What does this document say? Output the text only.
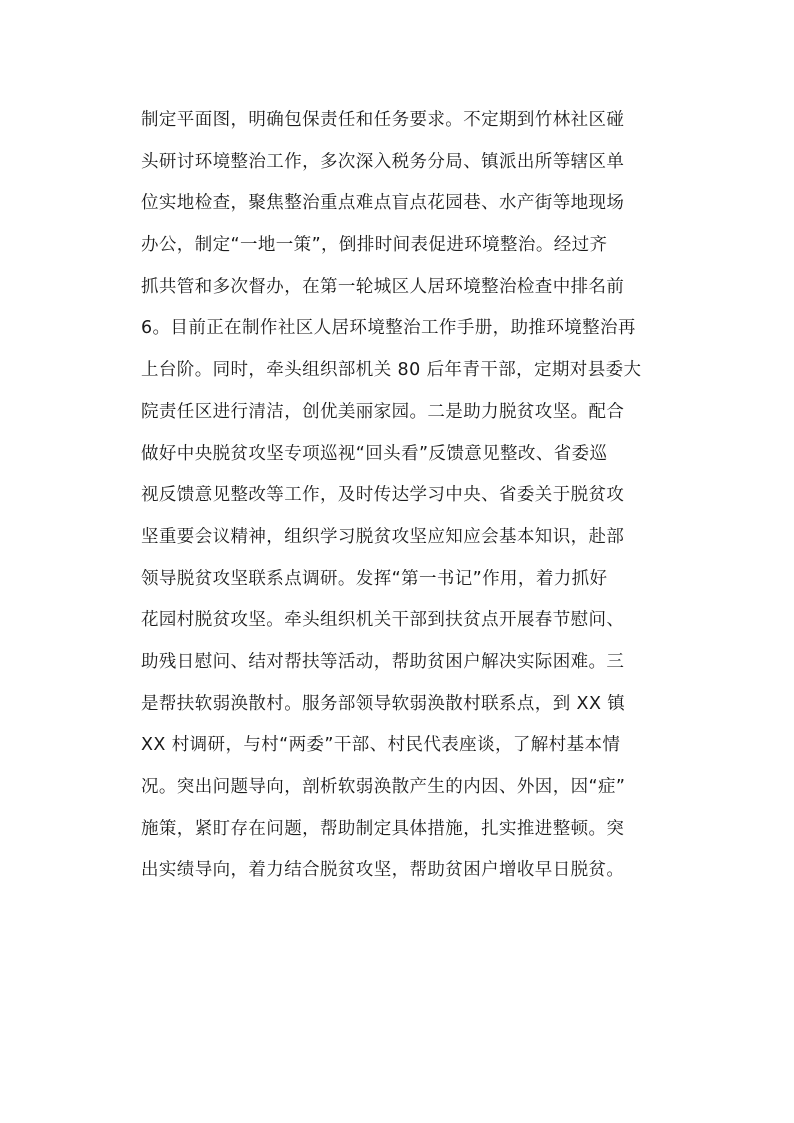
制定平面图，明确包保责任和任务要求。不定期到竹林社区碰
头研讨环境整治工作，多次深入税务分局、镇派出所等辖区单
位实地检查，聚焦整治重点难点盲点花园巷、水产街等地现场
办公，制定“一地一策”，倒排时间表促进环境整治。经过齐
抓共管和多次督办，在第一轮城区人居环境整治检查中排名前
6。目前正在制作社区人居环境整治工作手册，助推环境整治再
上台阶。同时，牵头组织部机关 80 后年青干部，定期对县委大
院责任区进行清洁，创优美丽家园。二是助力脱贫攻坚。配合
做好中央脱贫攻坚专项巡视“回头看”反馈意见整改、省委巡
视反馈意见整改等工作，及时传达学习中央、省委关于脱贫攻
坚重要会议精神，组织学习脱贫攻坚应知应会基本知识，赴部
领导脱贫攻坚联系点调研。发挥“第一书记”作用，着力抓好
花园村脱贫攻坚。牵头组织机关干部到扶贫点开展春节慰问、
助残日慰问、结对帮扶等活动，帮助贫困户解决实际困难。三
是帮扶软弱涣散村。服务部领导软弱涣散村联系点，到 XX 镇
XX 村调研，与村“两委”干部、村民代表座谈，了解村基本情
况。突出问题导向，剖析软弱涣散产生的内因、外因，因“症”
施策，紧盯存在问题，帮助制定具体措施，扎实推进整顿。突
出实绩导向，着力结合脱贫攻坚，帮助贫困户增收早日脱贫。
